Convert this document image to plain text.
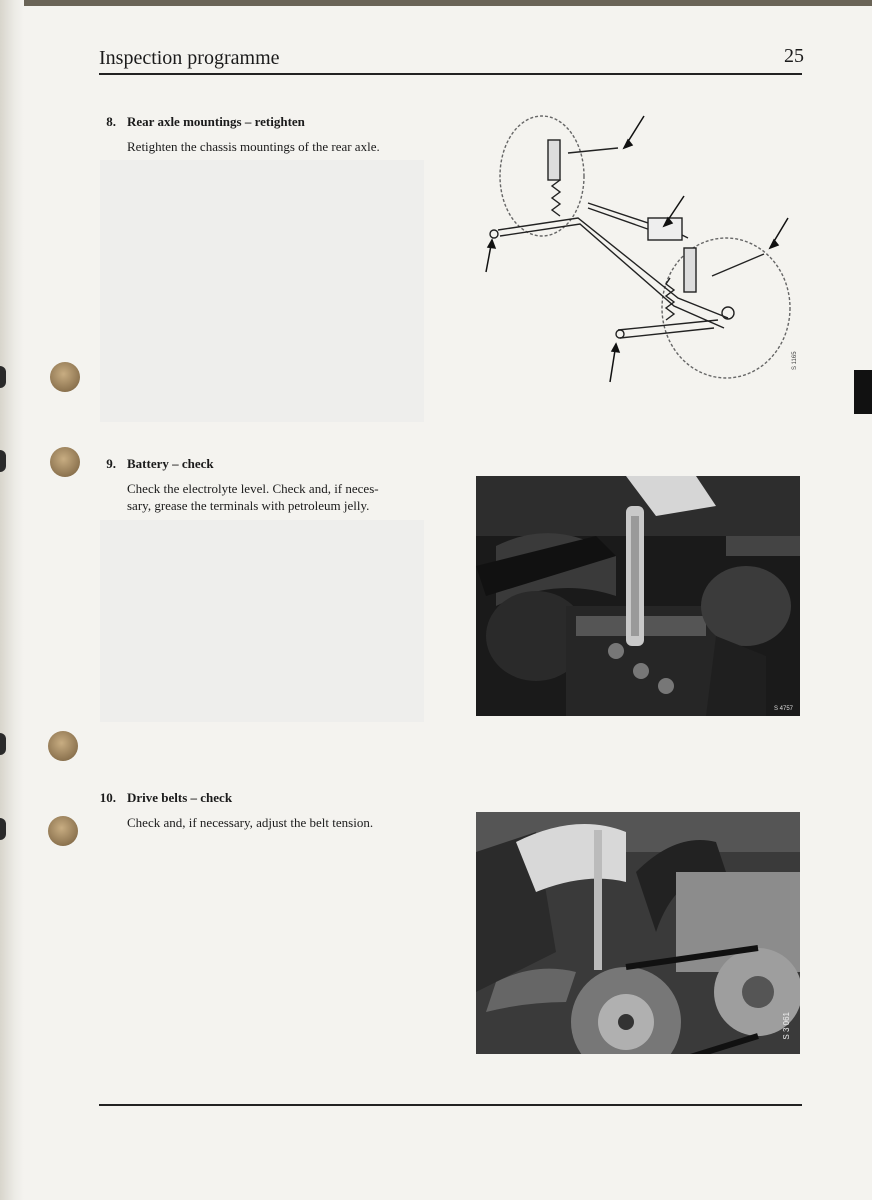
Inspection programme	25
8. Rear axle mountings – retighten
Retighten the chassis mountings of the rear axle.
S 1165
9. Battery – check
Check the electrolyte level. Check and, if neces-
sary, grease the terminals with petroleum jelly.
S 4757
10. Drive belts – check
Check and, if necessary, adjust the belt tension.
S 3 061
